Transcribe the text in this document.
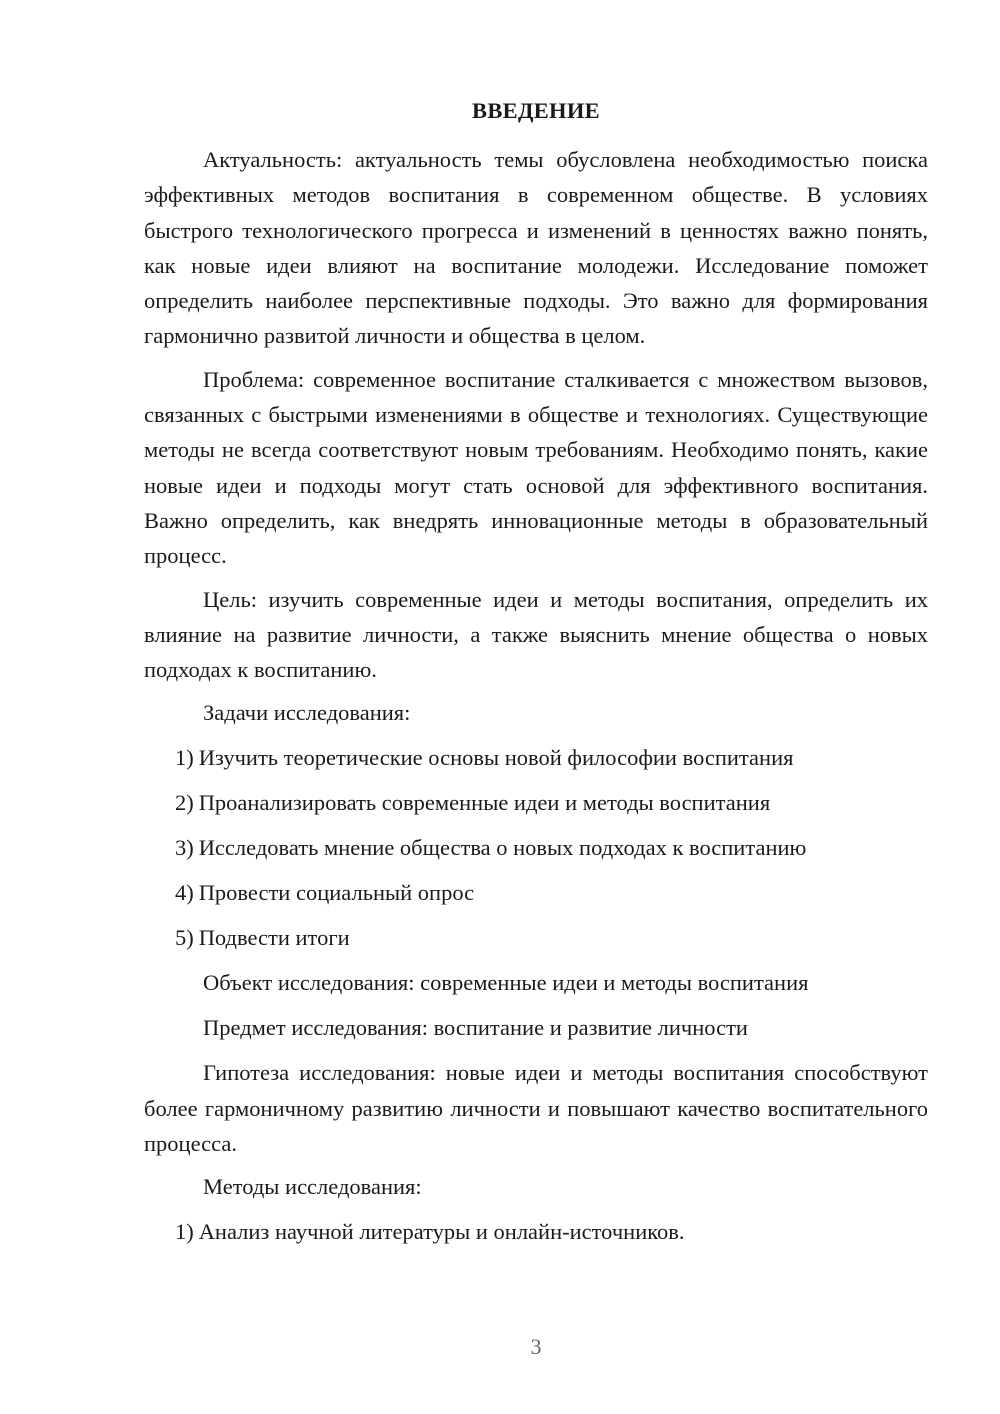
ВВЕДЕНИЕ

Актуальность: актуальность темы обусловлена необходимостью поиска эффективных методов воспитания в современном обществе. В условиях быстрого технологического прогресса и изменений в ценностях важно понять, как новые идеи влияют на воспитание молодежи. Исследование поможет определить наиболее перспективные подходы. Это важно для формирования гармонично развитой личности и общества в целом.

Проблема: современное воспитание сталкивается с множеством вызовов, связанных с быстрыми изменениями в обществе и технологиях. Существующие методы не всегда соответствуют новым требованиям. Необходимо понять, какие новые идеи и подходы могут стать основой для эффективного воспитания. Важно определить, как внедрять инновационные методы в образовательный процесс.

Цель: изучить современные идеи и методы воспитания, определить их влияние на развитие личности, а также выяснить мнение общества о новых подходах к воспитанию.

Задачи исследования:
1) Изучить теоретические основы новой философии воспитания
2) Проанализировать современные идеи и методы воспитания
3) Исследовать мнение общества о новых подходах к воспитанию
4) Провести социальный опрос
5) Подвести итоги
Объект исследования: современные идеи и методы воспитания
Предмет исследования: воспитание и развитие личности

Гипотеза исследования: новые идеи и методы воспитания способствуют более гармоничному развитию личности и повышают качество воспитательного процесса.

Методы исследования:
1) Анализ научной литературы и онлайн-источников.
3
